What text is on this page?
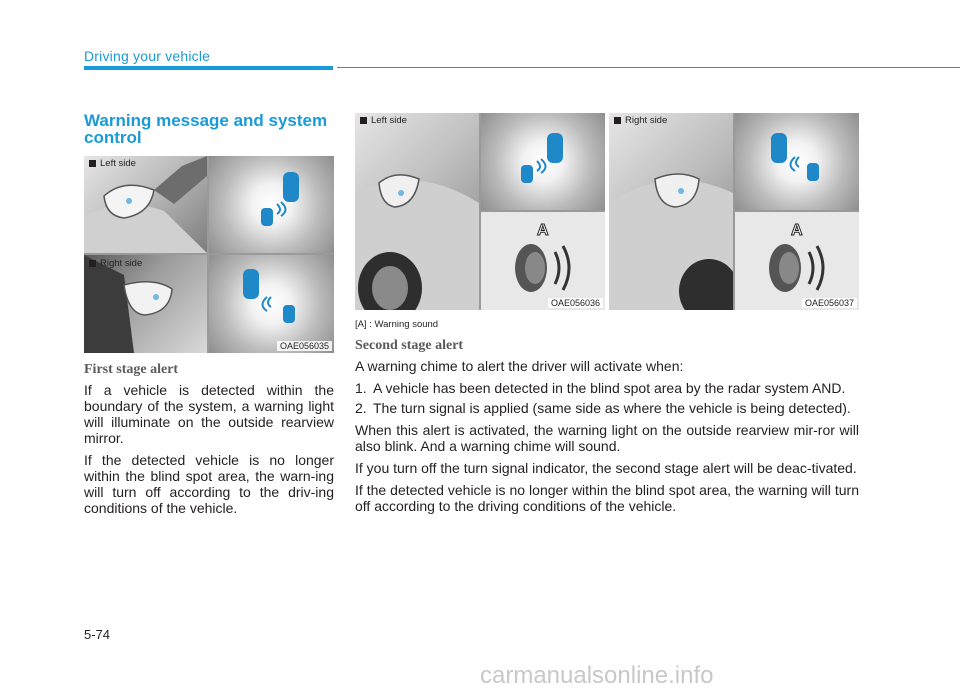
Driving your vehicle
Warning message and system control
Left side
Right side
OAE056035
First stage alert

If a vehicle is detected within the boundary of the system, a warning light will illuminate on the outside rearview mirror.

If the detected vehicle is no longer within the blind spot area, the warn-ing will turn off according to the driv-ing conditions of the vehicle.

Left side
A
OAE056036
Right side
A
OAE056037
[A] : Warning sound
Second stage alert

A warning chime to alert the driver will activate when:

1. A vehicle has been detected in the blind spot area by the radar system AND.
2. The turn signal is applied (same side as where the vehicle is being detected).

When this alert is activated, the warning light on the outside rearview mir-ror will also blink. And a warning chime will sound.

If you turn off the turn signal indicator, the second stage alert will be deac-tivated.

If the detected vehicle is no longer within the blind spot area, the warning will turn off according to the driving conditions of the vehicle.

5-74
carmanualsonline.info
